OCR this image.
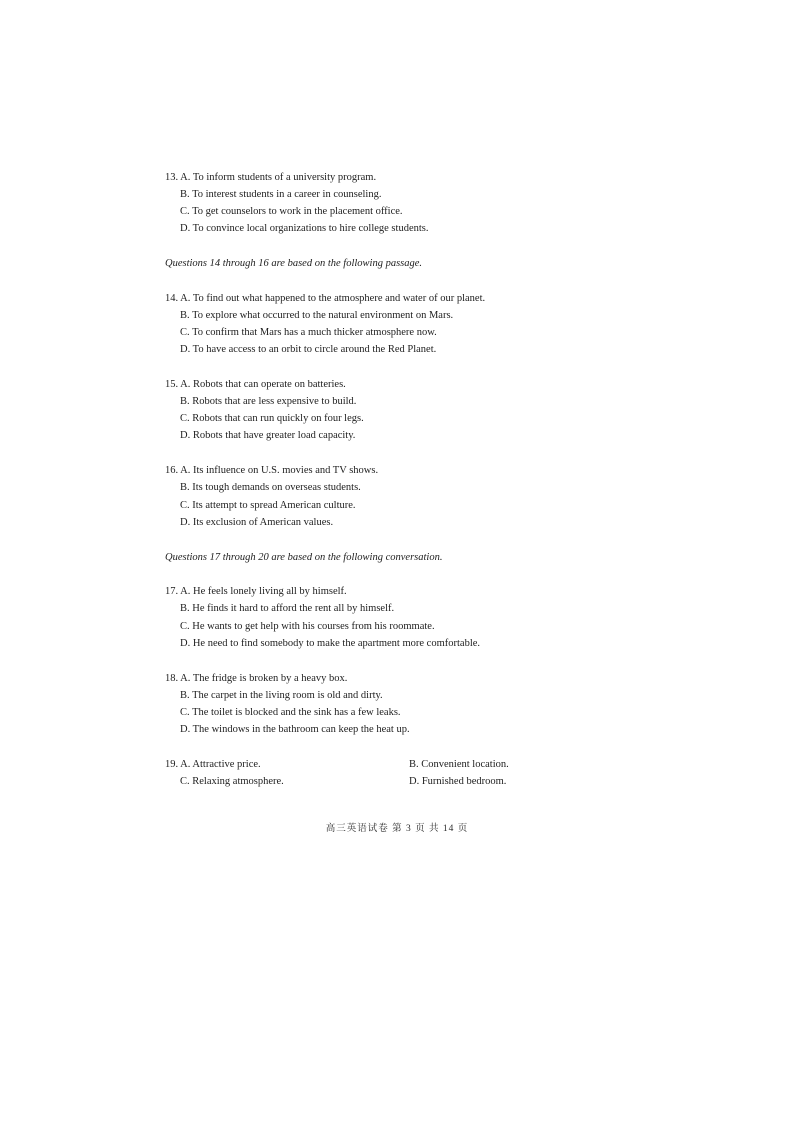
13. A. To inform students of a university program.
B. To interest students in a career in counseling.
C. To get counselors to work in the placement office.
D. To convince local organizations to hire college students.
Questions 14 through 16 are based on the following passage.
14. A. To find out what happened to the atmosphere and water of our planet.
B. To explore what occurred to the natural environment on Mars.
C. To confirm that Mars has a much thicker atmosphere now.
D. To have access to an orbit to circle around the Red Planet.
15. A. Robots that can operate on batteries.
B. Robots that are less expensive to build.
C. Robots that can run quickly on four legs.
D. Robots that have greater load capacity.
16. A. Its influence on U.S. movies and TV shows.
B. Its tough demands on overseas students.
C. Its attempt to spread American culture.
D. Its exclusion of American values.
Questions 17 through 20 are based on the following conversation.
17. A. He feels lonely living all by himself.
B. He finds it hard to afford the rent all by himself.
C. He wants to get help with his courses from his roommate.
D. He need to find somebody to make the apartment more comfortable.
18. A. The fridge is broken by a heavy box.
B. The carpet in the living room is old and dirty.
C. The toilet is blocked and the sink has a few leaks.
D. The windows in the bathroom can keep the heat up.
19. A. Attractive price.	B. Convenient location.
C. Relaxing atmosphere.	D. Furnished bedroom.
高三英语试卷 第 3 页 共 14 页
